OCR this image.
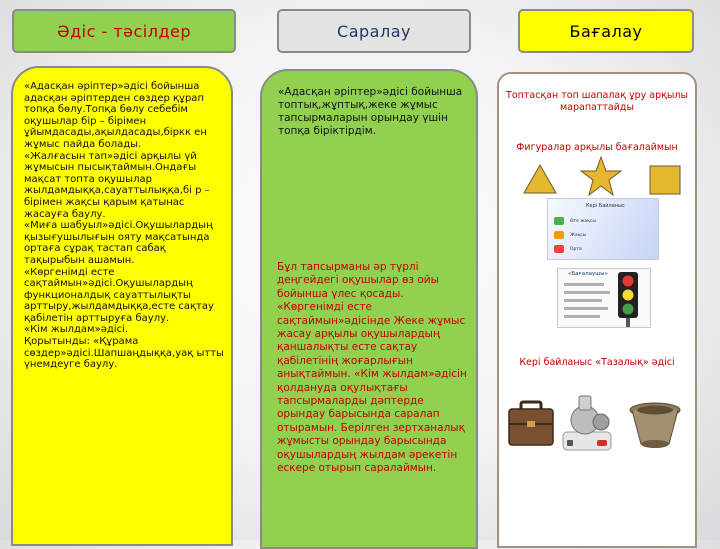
Әдіс - тәсілдер	Саралау	Бағалау
«Адасқан әріптер»әдісі бойынша адасқан әріптерден сөздер құрап топқа бөлу.Топқа бөлу себебім оқушылар бір – бірімен ұйымдасады,ақылдасады,біркк ен жұмыс пайда болады.
«Жалғасын тап»әдісі арқылы үй жұмысын пысықтаймын.Ондағы мақсат топта оқушылар жылдамдыққа,сауаттылыққа,бі р – бірімен жақсы қарым қатынас жасауға баулу.
«Миға шабуыл»әдісі.Оқушылардың қызығушылығын ояту мақсатында ортаға сұрақ тастап сабақ тақырыбын ашамын.
«Көргенімді есте сақтаймын»әдісі.Оқушылардың функционалдық сауаттылықты арттыру,жылдамдыққа,есте сақтау қабілетін арттыруға баулу.
«Кім жылдам»әдісі.
Қорытынды: «Құрама сөздер»әдісі.Шапшаңдыққа,уақ ытты үнемдеуге баулу.
«Адасқан әріптер»әдісі бойынша топтық,жұптық,жеке жұмыс тапсырмаларын орындау үшін топқа біріктірдім.
Бұл тапсырманы әр түрлі деңгейдегі оқушылар өз ойы бойынша үлес қосады. «Көргенімді есте сақтаймын»әдісінде Жеке жұмыс жасау арқылы оқушылардың қаншалықты есте сақтау қабілетінің жоғарлығын анықтаймын. «Кім жылдам»әдісін қолдануда оқулықтағы тапсырмаларды дәптерде орындау барысында саралап отырамын. Берілген зертханалық жұмысты орындау барысында оқушылардың жылдам әрекетін ескере отырып саралаймын.
Топтасқан топ шапалақ ұру арқылы марапаттайды
Фигуралар арқылы бағалаймын
Кері Байланыс
Өте жақсы
Жақсы
Орта
«Бағалаушы»
Кері байланыс «Тазалық» әдісі
